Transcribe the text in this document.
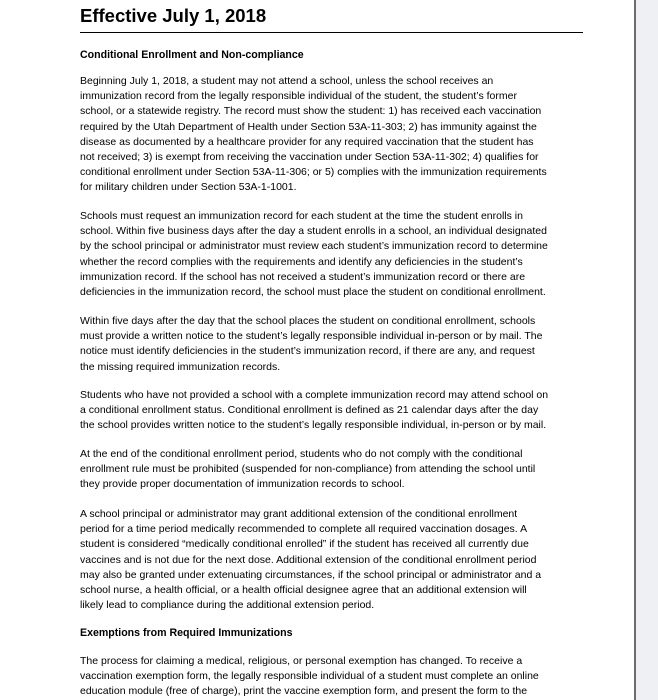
Effective July 1, 2018
Conditional Enrollment and Non-compliance

Beginning July 1, 2018, a student may not attend a school, unless the school receives an
immunization record from the legally responsible individual of the student, the student’s former
school, or a statewide registry. The record must show the student: 1) has received each vaccination
required by the Utah Department of Health under Section 53A-11-303; 2) has immunity against the
disease as documented by a healthcare provider for any required vaccination that the student has
not received; 3) is exempt from receiving the vaccination under Section 53A-11-302; 4) qualifies for
conditional enrollment under Section 53A-11-306; or 5) complies with the immunization requirements
for military children under Section 53A-1-1001.

Schools must request an immunization record for each student at the time the student enrolls in
school. Within five business days after the day a student enrolls in a school, an individual designated
by the school principal or administrator must review each student’s immunization record to determine
whether the record complies with the requirements and identify any deficiencies in the student’s
immunization record. If the school has not received a student’s immunization record or there are
deficiencies in the immunization record, the school must place the student on conditional enrollment.

Within five days after the day that the school places the student on conditional enrollment, schools
must provide a written notice to the student’s legally responsible individual in-person or by mail. The
notice must identify deficiencies in the student’s immunization record, if there are any, and request
the missing required immunization records.

Students who have not provided a school with a complete immunization record may attend school on
a conditional enrollment status. Conditional enrollment is defined as 21 calendar days after the day
the school provides written notice to the student’s legally responsible individual, in-person or by mail.

At the end of the conditional enrollment period, students who do not comply with the conditional
enrollment rule must be prohibited (suspended for non-compliance) from attending the school until
they provide proper documentation of immunization records to school.

A school principal or administrator may grant additional extension of the conditional enrollment
period for a time period medically recommended to complete all required vaccination dosages. A
student is considered “medically conditional enrolled” if the student has received all currently due
vaccines and is not due for the next dose. Additional extension of the conditional enrollment period
may also be granted under extenuating circumstances, if the school principal or administrator and a
school nurse, a health official, or a health official designee agree that an additional extension will
likely lead to compliance during the additional extension period.

Exemptions from Required Immunizations

The process for claiming a medical, religious, or personal exemption has changed. To receive a
vaccination exemption form, the legally responsible individual of a student must complete an online
education module (free of charge), print the vaccine exemption form, and present the form to the
